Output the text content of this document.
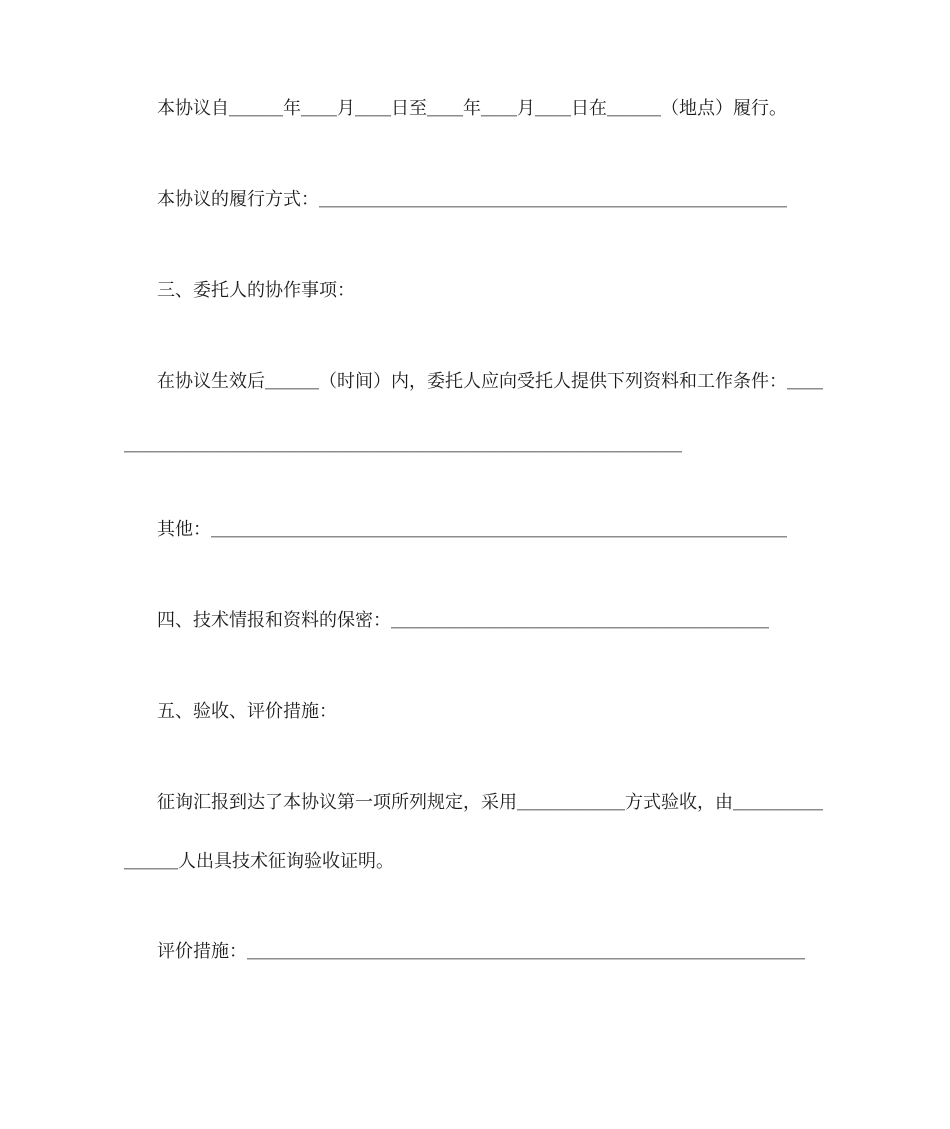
本协议自＿＿＿年＿＿月＿＿日至＿＿年＿＿月＿＿日在＿＿＿（地点）履行。
本协议的履行方式：＿＿＿＿＿＿＿＿＿＿＿＿＿＿＿＿＿＿＿＿＿＿＿＿＿＿
三、委托人的协作事项：
在协议生效后＿＿＿（时间）内，委托人应向受托人提供下列资料和工作条件：＿＿
＿＿＿＿＿＿＿＿＿＿＿＿＿＿＿＿＿＿＿＿＿＿＿＿＿＿＿＿＿＿＿
其他：＿＿＿＿＿＿＿＿＿＿＿＿＿＿＿＿＿＿＿＿＿＿＿＿＿＿＿＿＿＿＿＿
四、技术情报和资料的保密：＿＿＿＿＿＿＿＿＿＿＿＿＿＿＿＿＿＿＿＿＿
五、验收、评价措施：
征询汇报到达了本协议第一项所列规定，采用＿＿＿＿＿＿方式验收，由＿＿＿＿＿
＿＿＿人出具技术征询验收证明。
评价措施：＿＿＿＿＿＿＿＿＿＿＿＿＿＿＿＿＿＿＿＿＿＿＿＿＿＿＿＿＿＿＿
